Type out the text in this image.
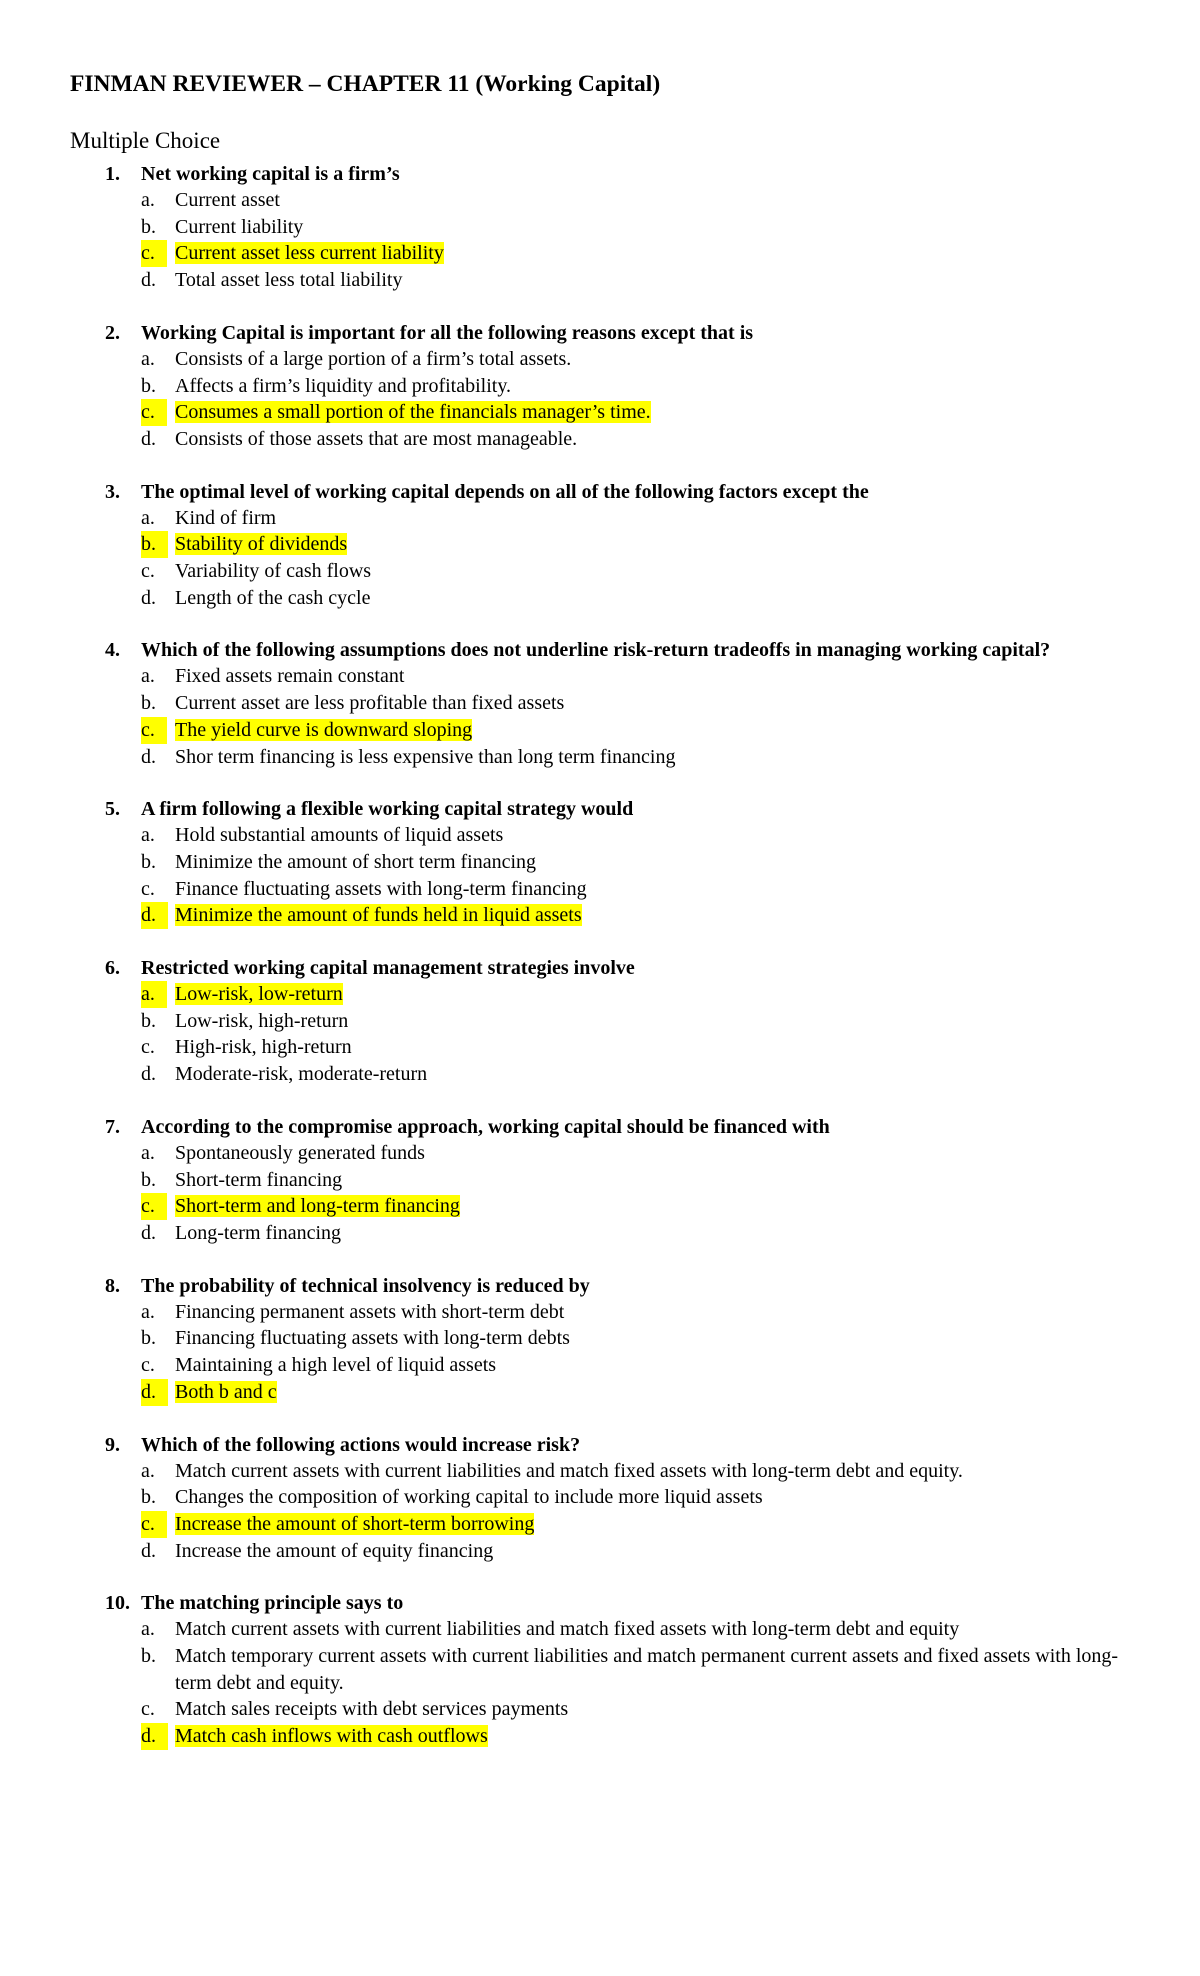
FINMAN REVIEWER – CHAPTER 11 (Working Capital)
Multiple Choice
1. Net working capital is a firm’s
a.	Current asset
b. Current liability
c.	Current asset less current liability
d. Total asset less total liability
2. Working Capital is important for all the following reasons except that is
a.	Consists of a large portion of a firm’s total assets.
b. Affects a firm’s liquidity and profitability.
c.	Consumes a small portion of the financials manager’s time.
d. Consists of those assets that are most manageable.
3. The optimal level of working capital depends on all of the following factors except the
a.	Kind of firm
b. Stability of dividends
c.	Variability of cash flows
d. Length of the cash cycle
4. Which of the following assumptions does not underline risk-return tradeoffs in managing working capital?
a.	Fixed assets remain constant
b. Current asset are less profitable than fixed assets
c.	The yield curve is downward sloping
d. Shor term financing is less expensive than long term financing
5. A firm following a flexible working capital strategy would
a.	Hold substantial amounts of liquid assets
b. Minimize the amount of short term financing
c.	Finance fluctuating assets with long-term financing
d. Minimize the amount of funds held in liquid assets
6. Restricted working capital management strategies involve
a.	Low-risk, low-return
b. Low-risk, high-return
c.	High-risk, high-return
d. Moderate-risk, moderate-return
7. According to the compromise approach, working capital should be financed with
a.	Spontaneously generated funds
b. Short-term financing
c.	Short-term and long-term financing
d. Long-term financing
8. The probability of technical insolvency is reduced by
a.	Financing permanent assets with short-term debt
b. Financing fluctuating assets with long-term debts
c.	Maintaining a high level of liquid assets
d. Both b and c
9. Which of the following actions would increase risk?
a.	Match current assets with current liabilities and match fixed assets with long-term debt and equity.
b. Changes the composition of working capital to include more liquid assets
c.	Increase the amount of short-term borrowing
d. Increase the amount of equity financing
10. The matching principle says to
a.	Match current assets with current liabilities and match fixed assets with long-term debt and equity
b. Match temporary current assets with current liabilities and match permanent current assets and fixed assets with long-term debt and equity.
c.	Match sales receipts with debt services payments
d. Match cash inflows with cash outflows
